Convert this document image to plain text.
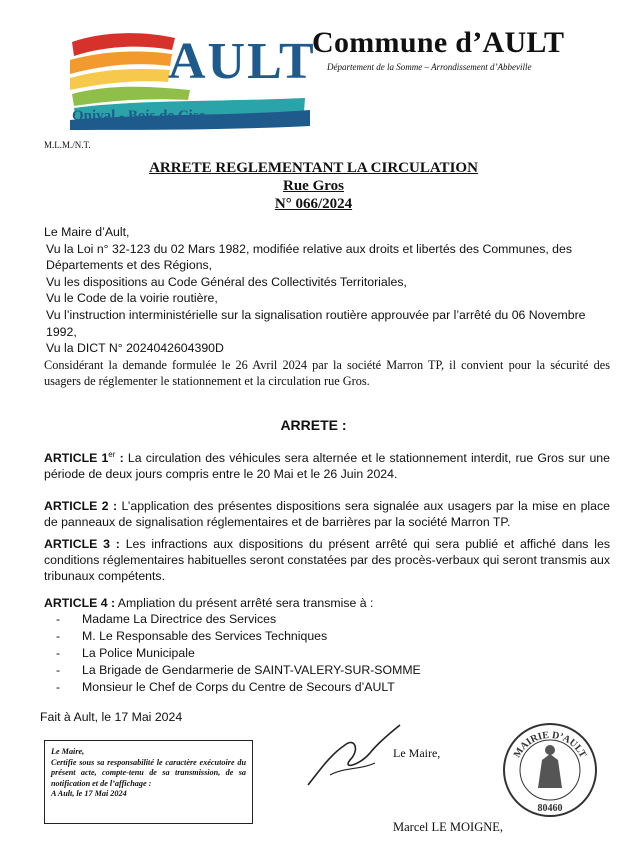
AULT
Onival - Bois de Cise
Commune d’AULT
Département de la Somme – Arrondissement d’Abbeville
M.L.M./N.T.
ARRETE REGLEMENTANT LA CIRCULATION
Rue Gros
N° 066/2024

Le Maire d’Ault,

Vu la Loi n° 32-123 du 02 Mars 1982, modifiée relative aux droits et libertés des Communes, des Départements et des Régions,

Vu les dispositions au Code Général des Collectivités Territoriales,

Vu le Code de la voirie routière,

Vu l’instruction interministérielle sur la signalisation routière approuvée par l’arrêté du 06 Novembre 1992,

Vu la DICT N° 2024042604390D

Considérant la demande formulée le 26 Avril 2024 par la société Marron TP, il convient pour la sécurité des usagers de réglementer le stationnement et la circulation rue Gros.

ARRETE :
ARTICLE 1er : La circulation des véhicules sera alternée et le stationnement interdit, rue Gros sur une période de deux jours compris entre le 20 Mai et le 26 Juin 2024.
ARTICLE 2 : L’application des présentes dispositions sera signalée aux usagers par la mise en place de panneaux de signalisation réglementaires et de barrières par la société Marron TP.
ARTICLE 3 : Les infractions aux dispositions du présent arrêté qui sera publié et affiché dans les conditions réglementaires habituelles seront constatées par des procès-verbaux qui seront transmis aux tribunaux compétents.
ARTICLE 4 : Ampliation du présent arrêté sera transmise à :
- Madame La Directrice des Services
- M. Le Responsable des Services Techniques
- La Police Municipale
- La Brigade de Gendarmerie de SAINT-VALERY-SUR-SOMME
- Monsieur le Chef de Corps du Centre de Secours d’AULT
Fait à Ault, le 17 Mai 2024

Le Maire,

Certifie sous sa responsabilité le caractère exécutoire du présent acte, compte-tenu de sa transmission, de sa notification et de l’affichage :

A Ault, le 17 Mai 2024

Le Maire,	MAIRIE D’AULT
80460
Marcel LE MOIGNE,
